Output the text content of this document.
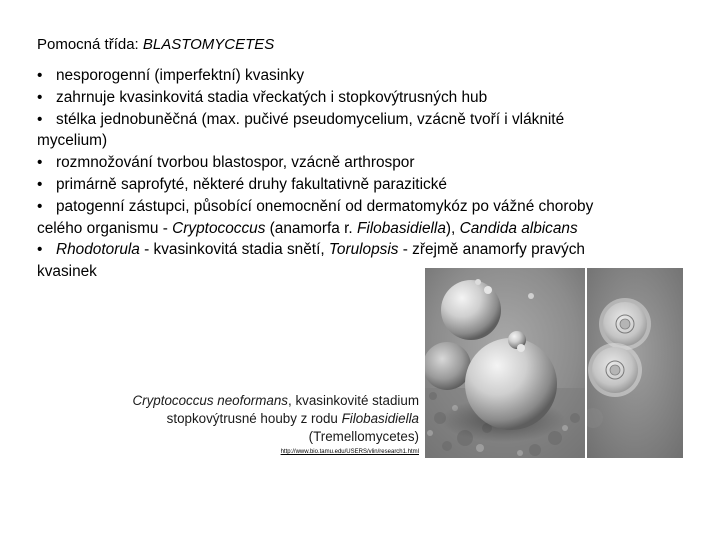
Pomocná třída: BLASTOMYCETES

• nesporogenní (imperfektní) kvasinky

• zahrnuje kvasinkovitá stadia vřeckatých i stopkovýtrusných hub

• stélka jednobuněčná (max. pučivé pseudomycelium, vzácně tvoří i vláknité

mycelium)

• rozmnožování tvorbou blastospor, vzácně arthrospor

• primárně saprofyté, některé druhy fakultativně parazitické

• patogenní zástupci, působící onemocnění od dermatomykóz po vážné choroby

celého organismu - Cryptococcus (anamorfa r. Filobasidiella), Candida albicans

• Rhodotorula - kvasinkovitá stadia snětí, Torulopsis - zřejmě anamorfy pravých

kvasinek

Cryptococcus neoformans, kvasinkovité stadium
stopkovýtrusné houby z rodu Filobasidiella
(Tremellomycetes)
http://www.bio.tamu.edu/USERS/vlin/research1.html
